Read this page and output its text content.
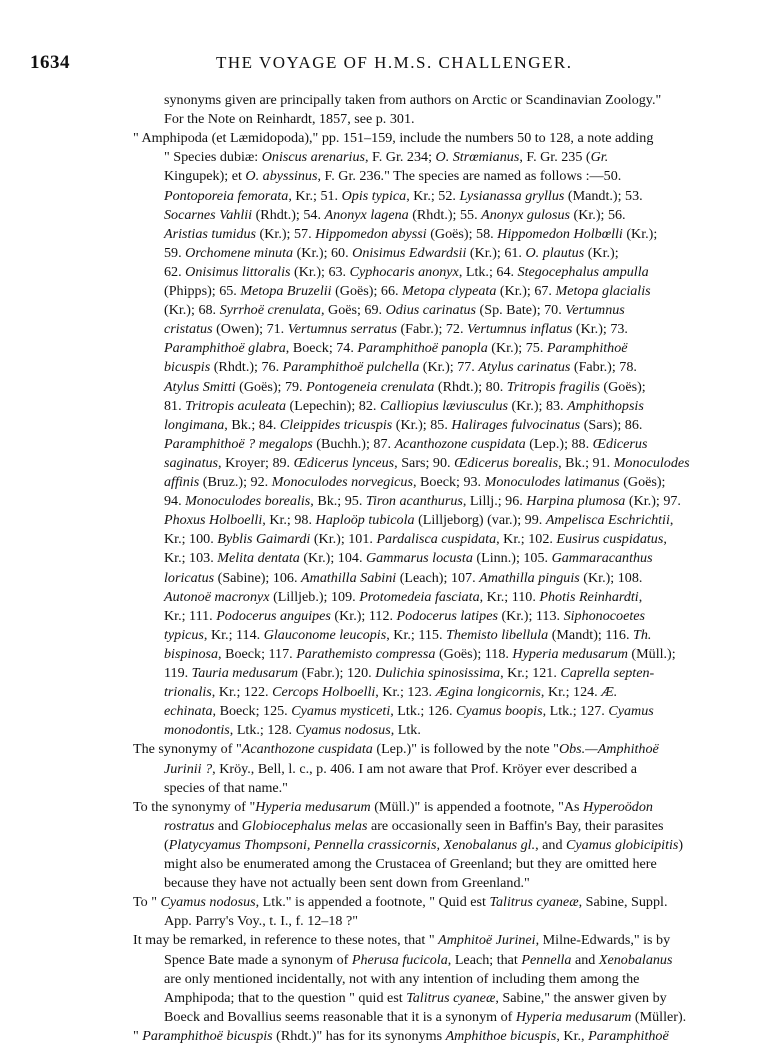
1634	THE VOYAGE OF H.M.S. CHALLENGER.
synonyms given are principally taken from authors on Arctic or Scandinavian Zoology."
For the Note on Reinhardt, 1857, see p. 301.
" Amphipoda (et Læmidopoda)," pp. 151–159, include the numbers 50 to 128, a note adding
" Species dubiæ: Oniscus arenarius, F. Gr. 234; O. Strœmianus, F. Gr. 235 (Gr.
Kingupek); et O. abyssinus, F. Gr. 236." The species are named as follows :—50.
Pontoporeia femorata, Kr.; 51. Opis typica, Kr.; 52. Lysianassa gryllus (Mandt.); 53.
Socarnes Vahlii (Rhdt.); 54. Anonyx lagena (Rhdt.); 55. Anonyx gulosus (Kr.); 56.
Aristias tumidus (Kr.); 57. Hippomedon abyssi (Goës); 58. Hippomedon Holbœlli (Kr.);
59. Orchomene minuta (Kr.); 60. Onisimus Edwardsii (Kr.); 61. O. plautus (Kr.);
62. Onisimus littoralis (Kr.); 63. Cyphocaris anonyx, Ltk.; 64. Stegocephalus ampulla
(Phipps); 65. Metopa Bruzelii (Goës); 66. Metopa clypeata (Kr.); 67. Metopa glacialis
(Kr.); 68. Syrrhoë crenulata, Goës; 69. Odius carinatus (Sp. Bate); 70. Vertumnus
cristatus (Owen); 71. Vertumnus serratus (Fabr.); 72. Vertumnus inflatus (Kr.); 73.
Paramphithoë glabra, Boeck; 74. Paramphithoë panopla (Kr.); 75. Paramphithoë
bicuspis (Rhdt.); 76. Paramphithoë pulchella (Kr.); 77. Atylus carinatus (Fabr.); 78.
Atylus Smitti (Goës); 79. Pontogeneia crenulata (Rhdt.); 80. Tritropis fragilis (Goës);
81. Tritropis aculeata (Lepechin); 82. Calliopius læviusculus (Kr.); 83. Amphithopsis
longimana, Bk.; 84. Cleippides tricuspis (Kr.); 85. Halirages fulvocinatus (Sars); 86.
Paramphithoë ? megalops (Buchh.); 87. Acanthozone cuspidata (Lep.); 88. Œdicerus
saginatus, Kroyer; 89. Œdicerus lynceus, Sars; 90. Œdicerus borealis, Bk.; 91. Monoculodes
affinis (Bruz.); 92. Monoculodes norvegicus, Boeck; 93. Monoculodes latimanus (Goës);
94. Monoculodes borealis, Bk.; 95. Tiron acanthurus, Lillj.; 96. Harpina plumosa (Kr.); 97.
Phoxus Holboelli, Kr.; 98. Haploöp tubicola (Lilljeborg) (var.); 99. Ampelisca Eschrichtii,
Kr.; 100. Byblis Gaimardi (Kr.); 101. Pardalisca cuspidata, Kr.; 102. Eusirus cuspidatus,
Kr.; 103. Melita dentata (Kr.); 104. Gammarus locusta (Linn.); 105. Gammaracanthus
loricatus (Sabine); 106. Amathilla Sabini (Leach); 107. Amathilla pinguis (Kr.); 108.
Autonoë macronyx (Lilljeb.); 109. Protomedeia fasciata, Kr.; 110. Photis Reinhardti,
Kr.; 111. Podocerus anguipes (Kr.); 112. Podocerus latipes (Kr.); 113. Siphonocoetes
typicus, Kr.; 114. Glauconome leucopis, Kr.; 115. Themisto libellula (Mandt); 116. Th.
bispinosa, Boeck; 117. Parathemisto compressa (Goës); 118. Hyperia medusarum (Müll.);
119. Tauria medusarum (Fabr.); 120. Dulichia spinosissima, Kr.; 121. Caprella septen-
trionalis, Kr.; 122. Cercops Holboelli, Kr.; 123. Ægina longicornis, Kr.; 124. Æ.
echinata, Boeck; 125. Cyamus mysticeti, Ltk.; 126. Cyamus boopis, Ltk.; 127. Cyamus
monodontis, Ltk.; 128. Cyamus nodosus, Ltk.
The synonymy of "Acanthozone cuspidata (Lep.)" is followed by the note "Obs.—Amphithoë
Jurinii ?, Kröy., Bell, l. c., p. 406. I am not aware that Prof. Kröyer ever described a
species of that name."
To the synonymy of "Hyperia medusarum (Müll.)" is appended a footnote, "As Hyperoödon
rostratus and Globiocephalus melas are occasionally seen in Baffin's Bay, their parasites
(Platycyamus Thompsoni, Pennella crassicornis, Xenobalanus gl., and Cyamus globicipitis)
might also be enumerated among the Crustacea of Greenland; but they are omitted here
because they have not actually been sent down from Greenland."
To " Cyamus nodosus, Ltk." is appended a footnote, " Quid est Talitrus cyaneæ, Sabine, Suppl.
App. Parry's Voy., t. I., f. 12–18 ?"
It may be remarked, in reference to these notes, that " Amphitoë Jurinei, Milne-Edwards," is by
Spence Bate made a synonym of Pherusa fucicola, Leach; that Pennella and Xenobalanus
are only mentioned incidentally, not with any intention of including them among the
Amphipoda; that to the question " quid est Talitrus cyaneæ, Sabine," the answer given by
Boeck and Bovallius seems reasonable that it is a synonym of Hyperia medusarum (Müller).
" Paramphithoë bicuspis (Rhdt.)" has for its synonyms Amphithoe bicuspis, Kr., Paramphithoë
